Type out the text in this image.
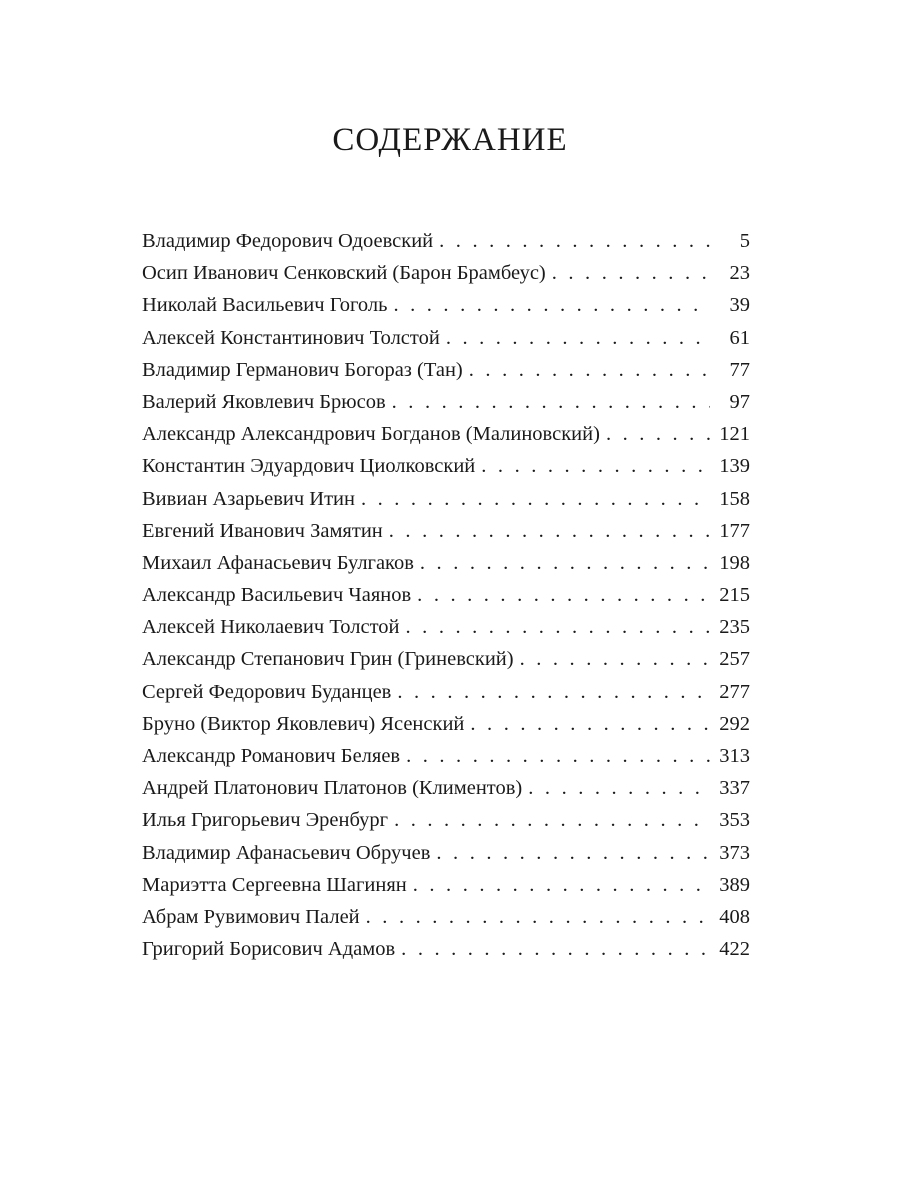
СОДЕРЖАНИЕ
Владимир Федорович Одоевский . . .	5
Осип Иванович Сенковский (Барон Брамбеус) . . .	23
Николай Васильевич Гоголь . . .	39
Алексей Константинович Толстой . . .	61
Владимир Германович Богораз (Тан) . . .	77
Валерий Яковлевич Брюсов . . .	97
Александр Александрович Богданов (Малиновский) . . .	121
Константин Эдуардович Циолковский . . .	139
Вивиан Азарьевич Итин . . .	158
Евгений Иванович Замятин . . .	177
Михаил Афанасьевич Булгаков . . .	198
Александр Васильевич Чаянов . . .	215
Алексей Николаевич Толстой . . .	235
Александр Степанович Грин (Гриневский) . . .	257
Сергей Федорович Буданцев . . .	277
Бруно (Виктор Яковлевич) Ясенский . . .	292
Александр Романович Беляев . . .	313
Андрей Платонович Платонов (Климентов) . . .	337
Илья Григорьевич Эренбург . . .	353
Владимир Афанасьевич Обручев . . .	373
Мариэтта Сергеевна Шагинян . . .	389
Абрам Рувимович Палей . . .	408
Григорий Борисович Адамов . . .	422
